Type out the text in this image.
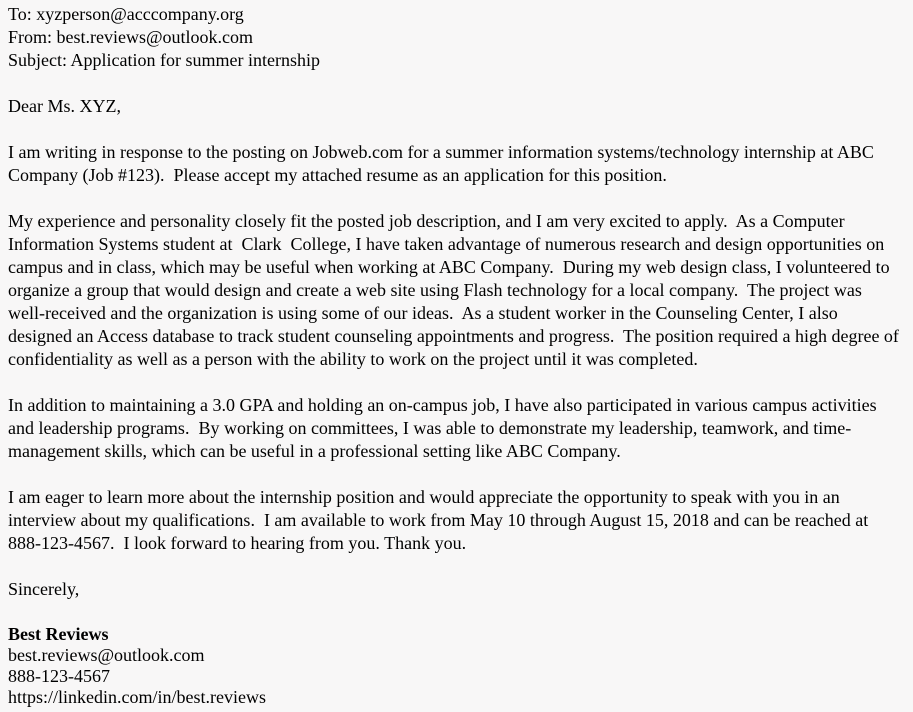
To: xyzperson@acccompany.org
From: best.reviews@outlook.com
Subject: Application for summer internship

Dear Ms. XYZ,

I am writing in response to the posting on Jobweb.com for a summer information systems/technology internship at ABC Company (Job #123).  Please accept my attached resume as an application for this position.

My experience and personality closely fit the posted job description, and I am very excited to apply.  As a Computer Information Systems student at  Clark  College, I have taken advantage of numerous research and design opportunities on campus and in class, which may be useful when working at ABC Company.  During my web design class, I volunteered to organize a group that would design and create a web site using Flash technology for a local company.  The project was well-received and the organization is using some of our ideas.  As a student worker in the Counseling Center, I also designed an Access database to track student counseling appointments and progress.  The position required a high degree of confidentiality as well as a person with the ability to work on the project until it was completed.

In addition to maintaining a 3.0 GPA and holding an on-campus job, I have also participated in various campus activities and leadership programs.  By working on committees, I was able to demonstrate my leadership, teamwork, and time-management skills, which can be useful in a professional setting like ABC Company.

I am eager to learn more about the internship position and would appreciate the opportunity to speak with you in an interview about my qualifications.  I am available to work from May 10 through August 15, 2018 and can be reached at 888-123-4567.  I look forward to hearing from you. Thank you.

Sincerely,

Best Reviews
best.reviews@outlook.com
888-123-4567
https://linkedin.com/in/best.reviews
